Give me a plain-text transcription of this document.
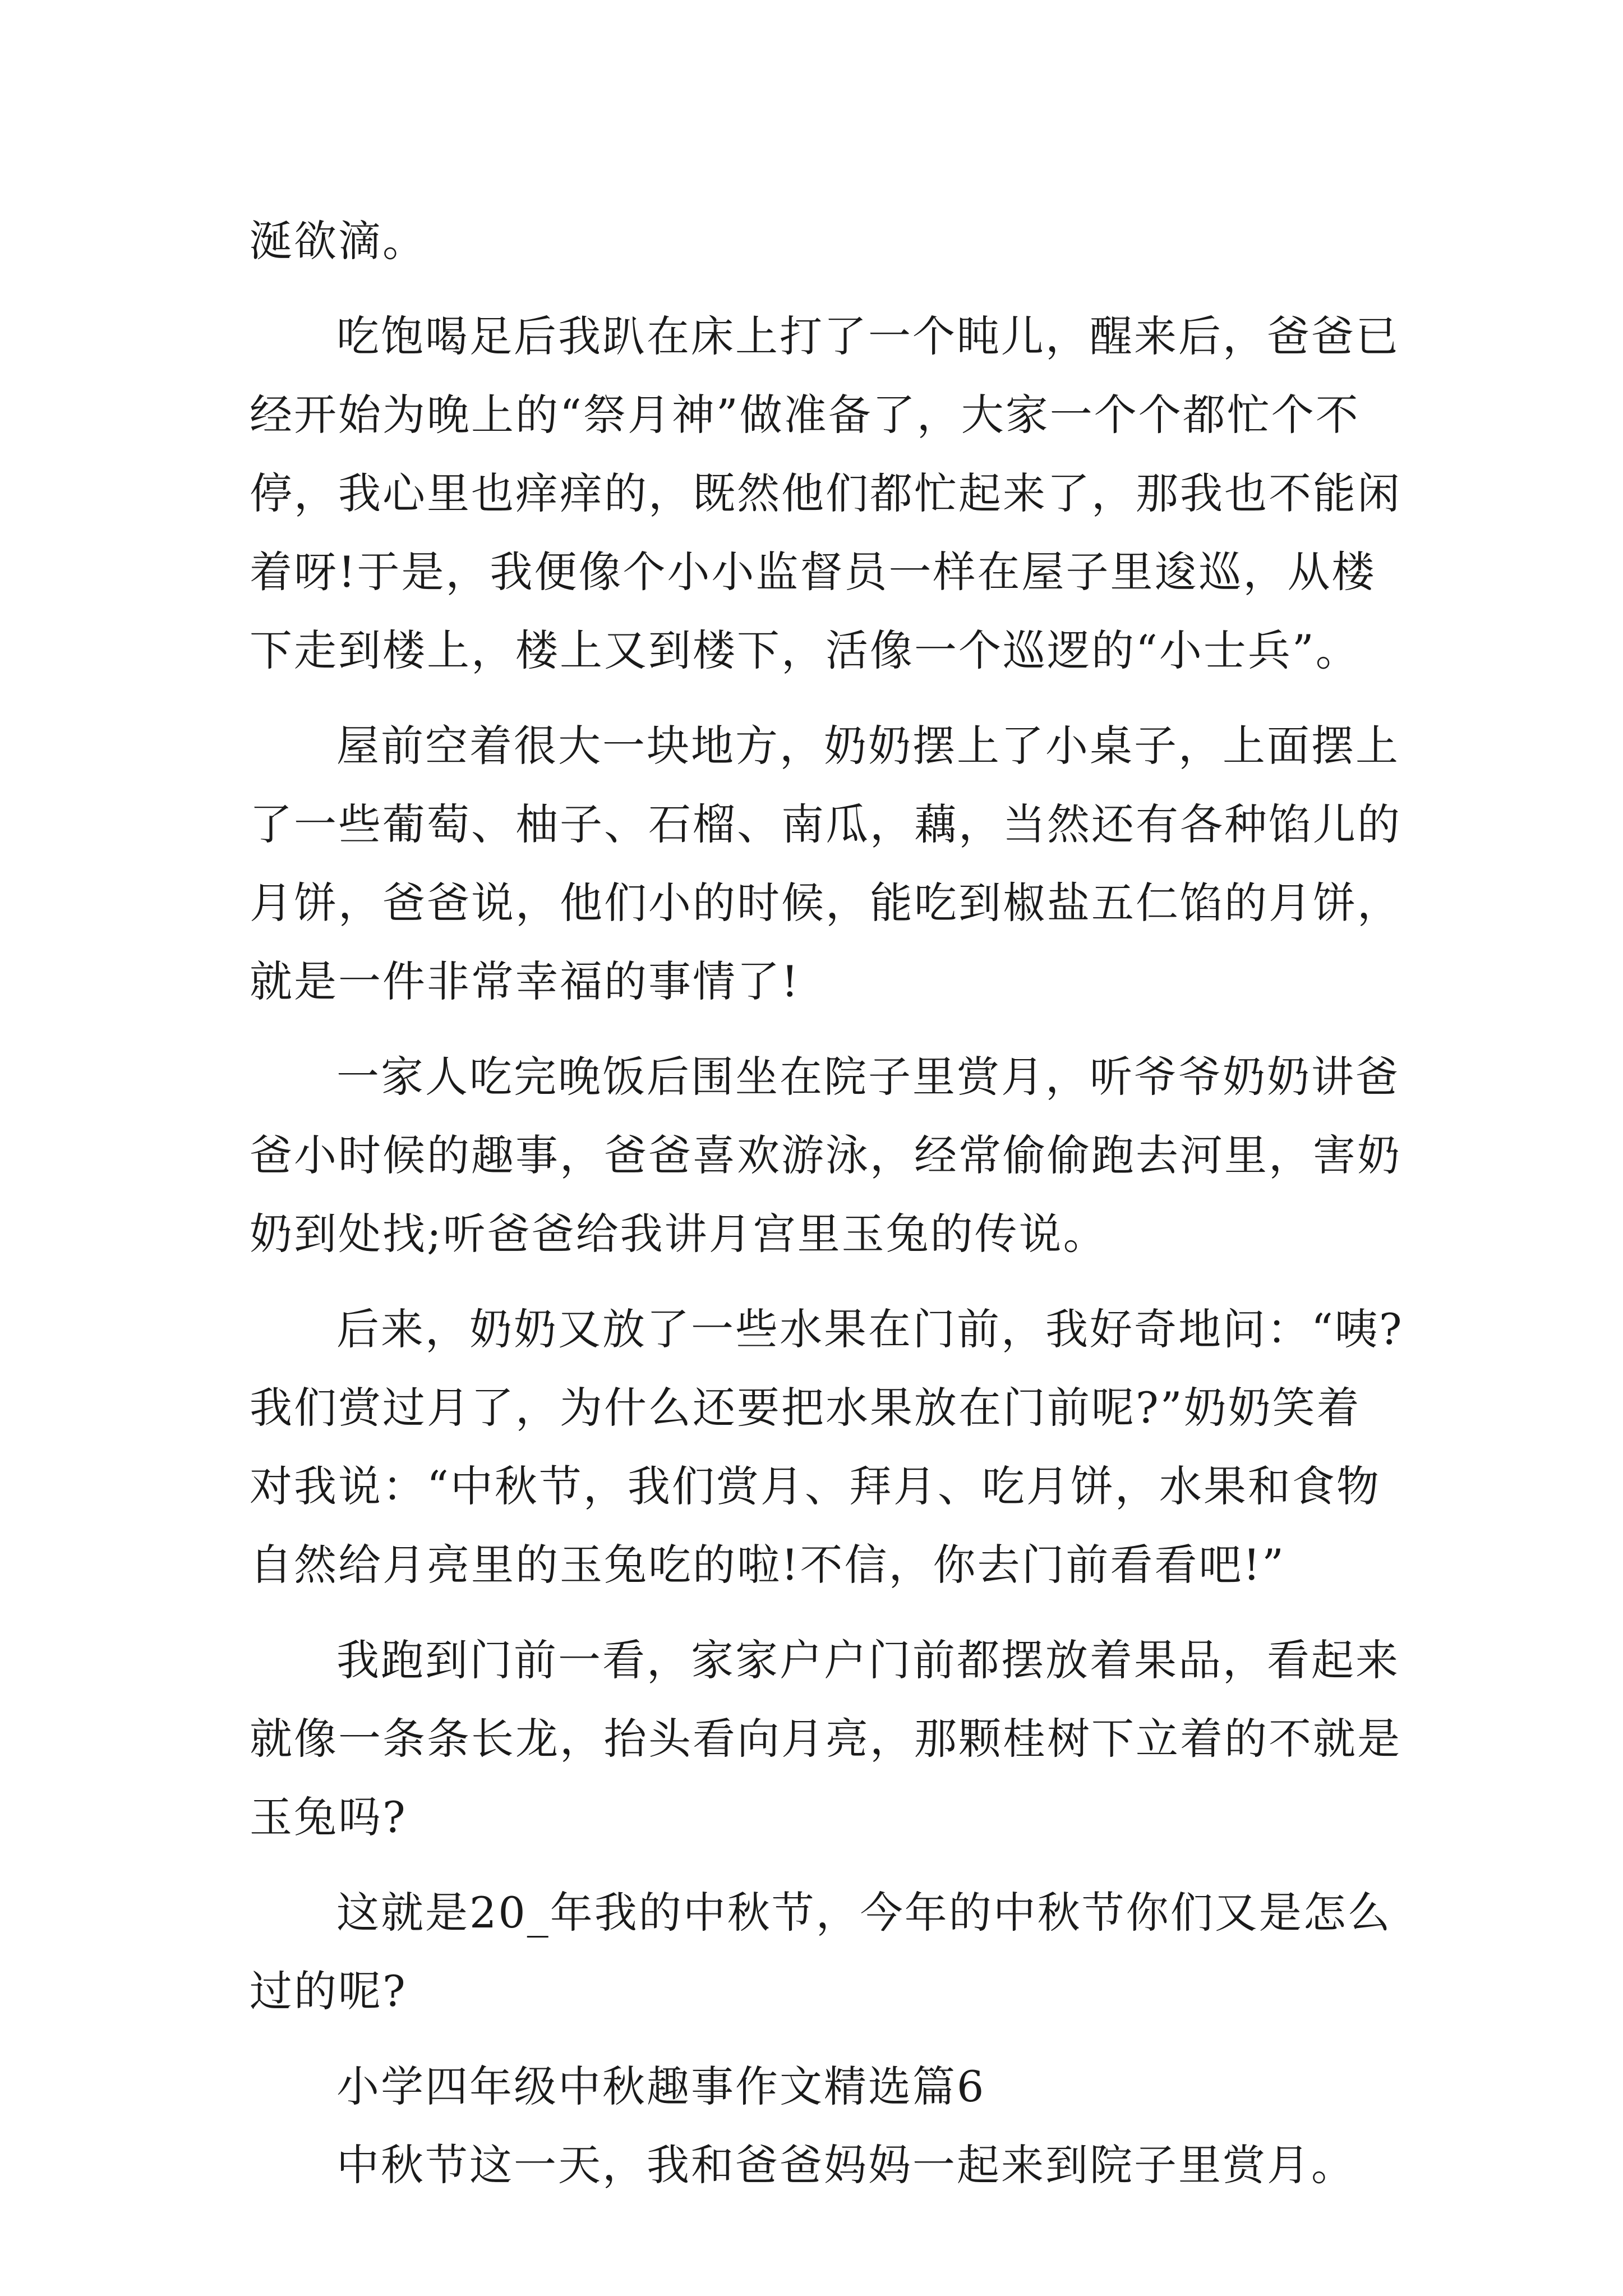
涎欲滴。
吃饱喝足后我趴在床上打了一个盹儿，醒来后，爸爸已
经开始为晚上的“祭月神”做准备了，大家一个个都忙个不
停，我心里也痒痒的，既然他们都忙起来了，那我也不能闲
着呀!于是，我便像个小小监督员一样在屋子里逡巡，从楼
下走到楼上，楼上又到楼下，活像一个巡逻的“小士兵”。
屋前空着很大一块地方，奶奶摆上了小桌子，上面摆上
了一些葡萄、柚子、石榴、南瓜，藕，当然还有各种馅儿的
月饼，爸爸说，他们小的时候，能吃到椒盐五仁馅的月饼，
就是一件非常幸福的事情了!
一家人吃完晚饭后围坐在院子里赏月，听爷爷奶奶讲爸
爸小时候的趣事，爸爸喜欢游泳，经常偷偷跑去河里，害奶
奶到处找;听爸爸给我讲月宫里玉兔的传说。
后来，奶奶又放了一些水果在门前，我好奇地问：“咦?
我们赏过月了，为什么还要把水果放在门前呢?”奶奶笑着
对我说：“中秋节，我们赏月、拜月、吃月饼，水果和食物
自然给月亮里的玉兔吃的啦!不信，你去门前看看吧!”
我跑到门前一看，家家户户门前都摆放着果品，看起来
就像一条条长龙，抬头看向月亮，那颗桂树下立着的不就是
玉兔吗?
这就是20_年我的中秋节，今年的中秋节你们又是怎么
过的呢?
小学四年级中秋趣事作文精选篇6
中秋节这一天，我和爸爸妈妈一起来到院子里赏月。
